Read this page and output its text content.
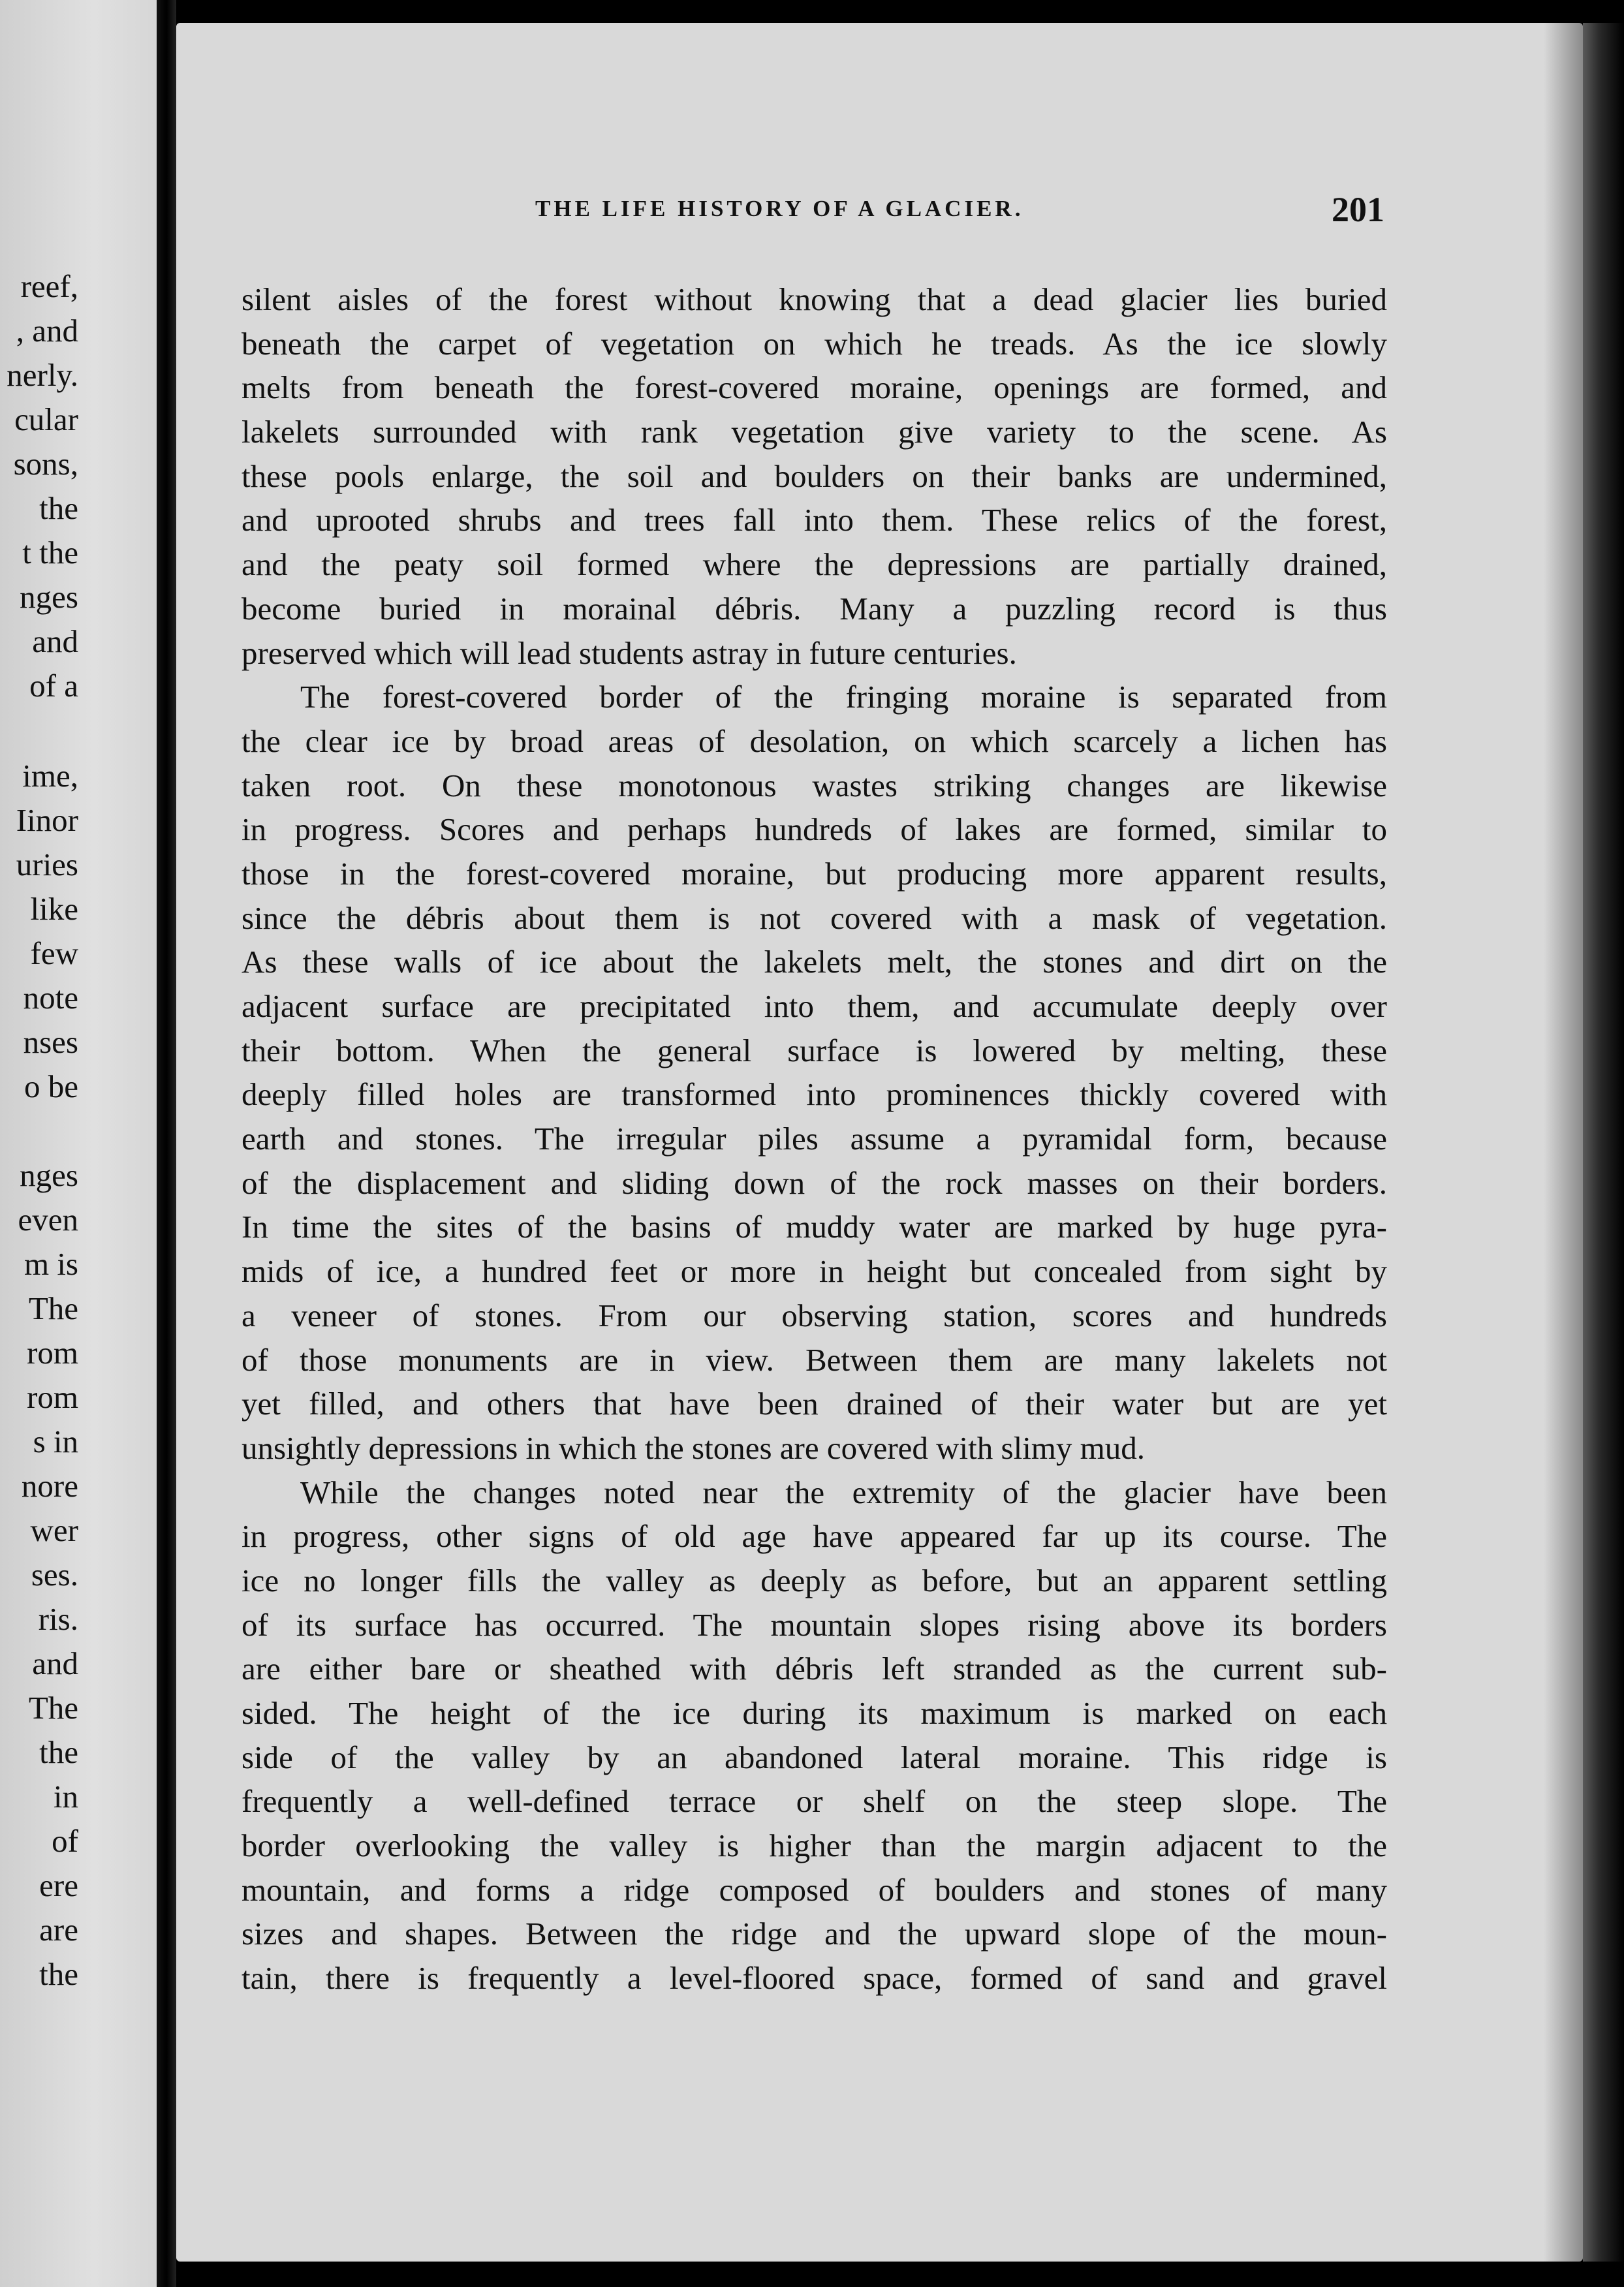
reef,
, and
nerly.
cular
sons,
the
t the
nges
and
of a
ime,
Iinor
uries
like
few
note
nses
o be
nges
even
m is
The
rom
rom
s in
nore
wer
ses.
ris.
and
The
the
in
of
ere
are
the
THE LIFE HISTORY OF A GLACIER.	201
silent aisles of the forest without knowing that a dead glacier lies buried
beneath the carpet of vegetation on which he treads. As the ice slowly
melts from beneath the forest-covered moraine, openings are formed, and
lakelets surrounded with rank vegetation give variety to the scene. As
these pools enlarge, the soil and boulders on their banks are undermined,
and uprooted shrubs and trees fall into them. These relics of the forest,
and the peaty soil formed where the depressions are partially drained,
become buried in morainal débris. Many a puzzling record is thus
preserved which will lead students astray in future centuries.
The forest-covered border of the fringing moraine is separated from
the clear ice by broad areas of desolation, on which scarcely a lichen has
taken root. On these monotonous wastes striking changes are likewise
in progress. Scores and perhaps hundreds of lakes are formed, similar to
those in the forest-covered moraine, but producing more apparent results,
since the débris about them is not covered with a mask of vegetation.
As these walls of ice about the lakelets melt, the stones and dirt on the
adjacent surface are precipitated into them, and accumulate deeply over
their bottom. When the general surface is lowered by melting, these
deeply filled holes are transformed into prominences thickly covered with
earth and stones. The irregular piles assume a pyramidal form, because
of the displacement and sliding down of the rock masses on their borders.
In time the sites of the basins of muddy water are marked by huge pyra-
mids of ice, a hundred feet or more in height but concealed from sight by
a veneer of stones. From our observing station, scores and hundreds
of those monuments are in view. Between them are many lakelets not
yet filled, and others that have been drained of their water but are yet
unsightly depressions in which the stones are covered with slimy mud.
While the changes noted near the extremity of the glacier have been
in progress, other signs of old age have appeared far up its course. The
ice no longer fills the valley as deeply as before, but an apparent settling
of its surface has occurred. The mountain slopes rising above its borders
are either bare or sheathed with débris left stranded as the current sub-
sided. The height of the ice during its maximum is marked on each
side of the valley by an abandoned lateral moraine. This ridge is
frequently a well-defined terrace or shelf on the steep slope. The
border overlooking the valley is higher than the margin adjacent to the
mountain, and forms a ridge composed of boulders and stones of many
sizes and shapes. Between the ridge and the upward slope of the moun-
tain, there is frequently a level-floored space, formed of sand and gravel
